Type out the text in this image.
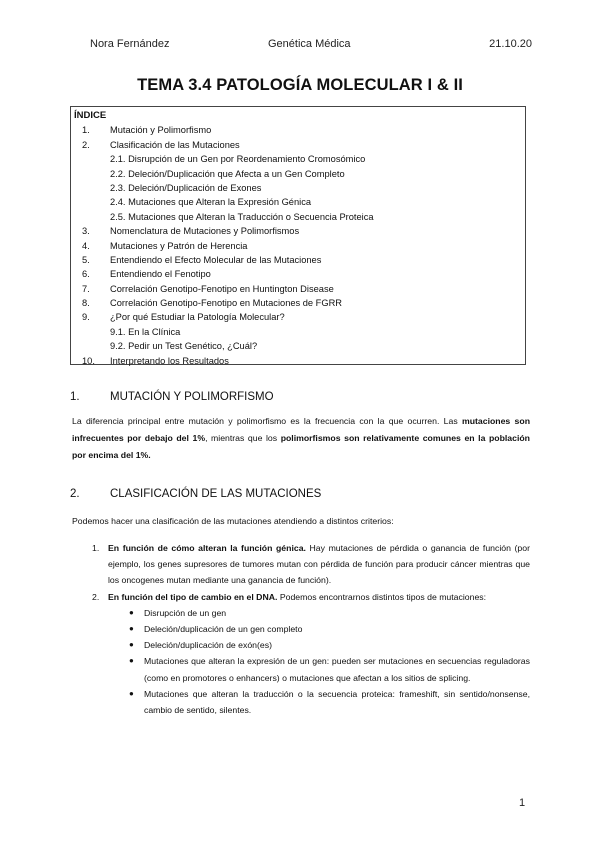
Nora Fernández	Genética Médica	21.10.20
TEMA 3.4 PATOLOGÍA MOLECULAR I & II
ÍNDICE
1.	Mutación y Polimorfismo
2.	Clasificación de las Mutaciones
2.1. Disrupción de un Gen por Reordenamiento Cromosómico
2.2. Deleción/Duplicación que Afecta a un Gen Completo
2.3. Deleción/Duplicación de Exones
2.4. Mutaciones que Alteran la Expresión Génica
2.5. Mutaciones que Alteran la Traducción o Secuencia Proteica
3.	Nomenclatura de Mutaciones y Polimorfismos
4.	Mutaciones y Patrón de Herencia
5.	Entendiendo el Efecto Molecular de las Mutaciones
6.	Entendiendo el Fenotipo
7.	Correlación Genotipo-Fenotipo en Huntington Disease
8.	Correlación Genotipo-Fenotipo en Mutaciones de FGRR
9.	¿Por qué Estudiar la Patología Molecular?
9.1. En la Clínica
9.2. Pedir un Test Genético, ¿Cuál?
10.	Interpretando los Resultados
1.	MUTACIÓN Y POLIMORFISMO
La diferencia principal entre mutación y polimorfismo es la frecuencia con la que ocurren. Las mutaciones son infrecuentes por debajo del 1%, mientras que los polimorfismos son relativamente comunes en la población por encima del 1%.
2.	CLASIFICACIÓN DE LAS MUTACIONES
Podemos hacer una clasificación de las mutaciones atendiendo a distintos criterios:
1. En función de cómo alteran la función génica. Hay mutaciones de pérdida o ganancia de función (por ejemplo, los genes supresores de tumores mutan con pérdida de función para producir cáncer mientras que los oncogenes mutan mediante una ganancia de función).
2. En función del tipo de cambio en el DNA. Podemos encontrarnos distintos tipos de mutaciones:
● Disrupción de un gen
● Deleción/duplicación de un gen completo
● Deleción/duplicación de exón(es)
● Mutaciones que alteran la expresión de un gen: pueden ser mutaciones en secuencias reguladoras (como en promotores o enhancers) o mutaciones que afectan a los sitios de splicing.
● Mutaciones que alteran la traducción o la secuencia proteica: frameshift, sin sentido/nonsense, cambio de sentido, silentes.
1
